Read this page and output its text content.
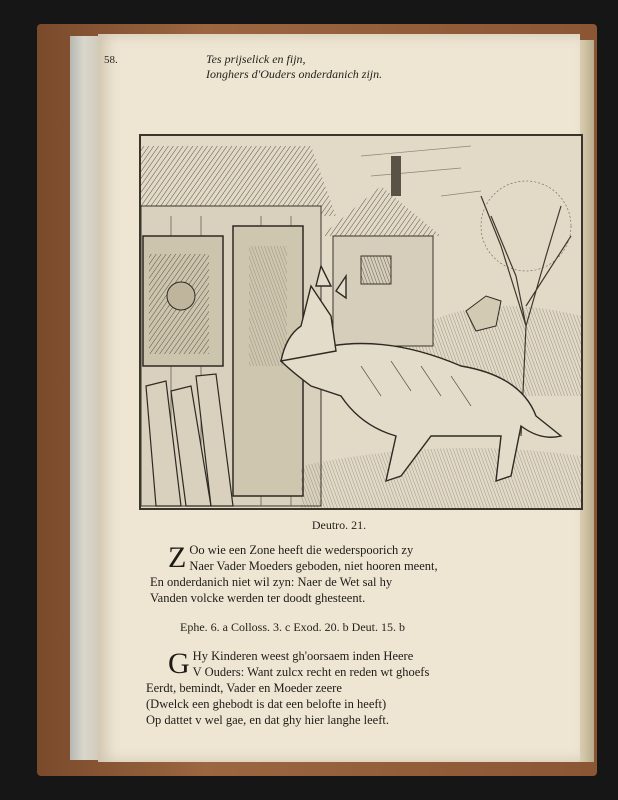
58.	Tes prijselick en fijn,
Ionghers d'Ouders onderdanich zijn.
Deutro. 21.
Z Oo wie een Zone heeft die wederspoorich zy
Naer Vader Moeders geboden, niet hooren meent,
En onderdanich niet wil zyn: Naer de Wet sal hy
Vanden volcke werden ter doodt ghesteent.
Ephe. 6. a Colloss. 3. c Exod. 20. b Deut. 15. b
G Hy Kinderen weest gh'oorsaem inden Heere
V Ouders: Want zulcx recht en reden wt ghoefs
Eerdt, bemindt, Vader en Moeder zeere
(Dwelck een ghebodt is dat een belofte in heeft)
Op dattet v wel gae, en dat ghy hier langhe leeft.
